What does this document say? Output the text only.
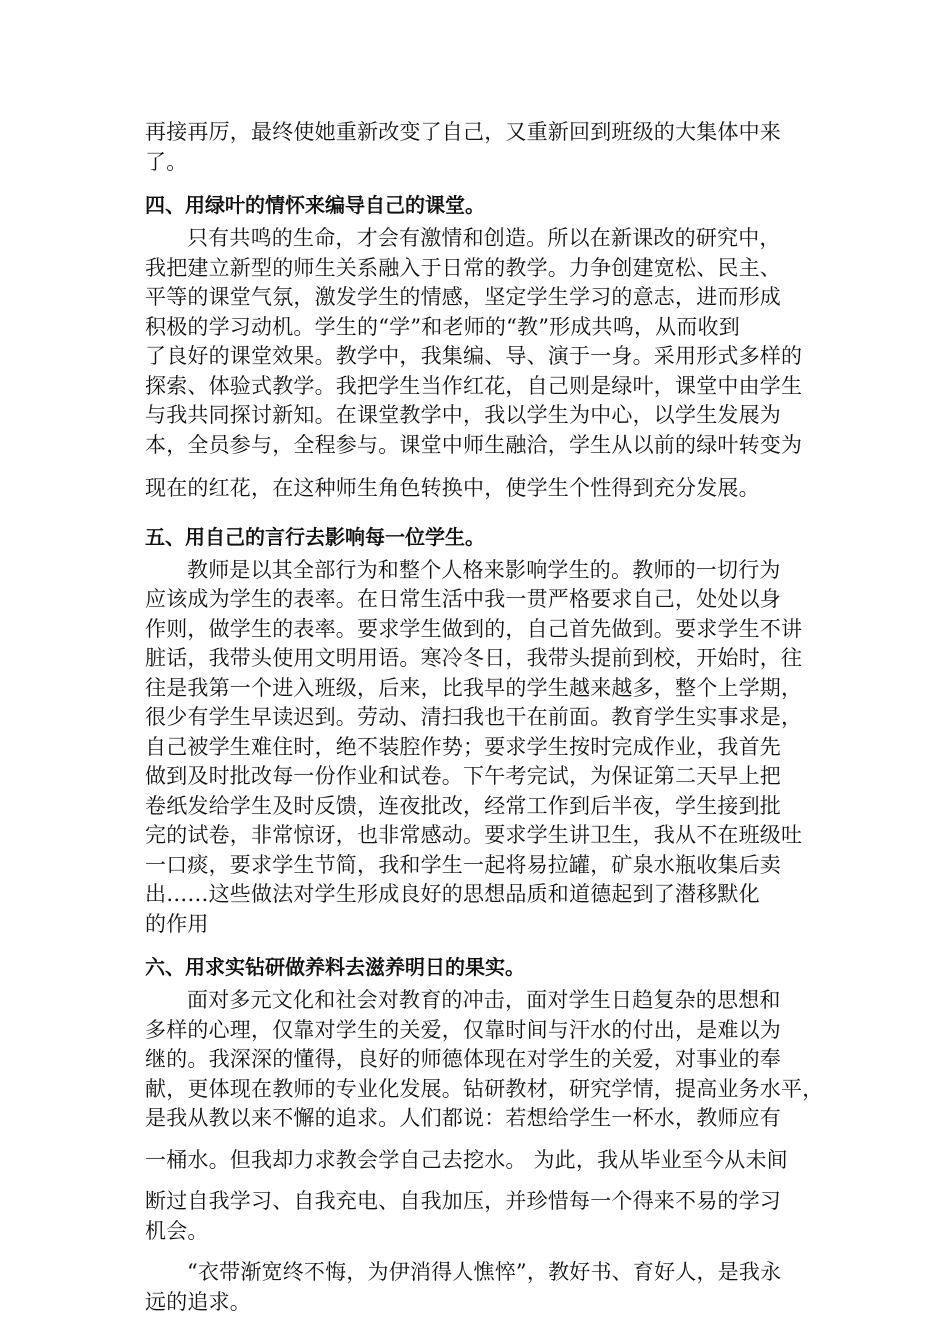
再接再厉，最终使她重新改变了自己，又重新回到班级的大集体中来
了。
四、用绿叶的情怀来编导自己的课堂。
只有共鸣的生命，才会有激情和创造。所以在新课改的研究中，
我把建立新型的师生关系融入于日常的教学。力争创建宽松、民主、
平等的课堂气氛，激发学生的情感，坚定学生学习的意志，进而形成
积极的学习动机。学生的“学”和老师的“教”形成共鸣，从而收到
了良好的课堂效果。教学中，我集编、导、演于一身。采用形式多样的
探索、体验式教学。我把学生当作红花，自己则是绿叶，课堂中由学生
与我共同探讨新知。在课堂教学中，我以学生为中心，以学生发展为
本，全员参与，全程参与。课堂中师生融洽，学生从以前的绿叶转变为
现在的红花，在这种师生角色转换中，使学生个性得到充分发展。
五、用自己的言行去影响每一位学生。
教师是以其全部行为和整个人格来影响学生的。教师的一切行为
应该成为学生的表率。在日常生活中我一贯严格要求自己，处处以身
作则，做学生的表率。要求学生做到的，自己首先做到。要求学生不讲
脏话，我带头使用文明用语。寒冷冬日，我带头提前到校，开始时，往
往是我第一个进入班级，后来，比我早的学生越来越多，整个上学期，
很少有学生早读迟到。劳动、清扫我也干在前面。教育学生实事求是，
自己被学生难住时，绝不装腔作势；要求学生按时完成作业，我首先
做到及时批改每一份作业和试卷。下午考完试，为保证第二天早上把
卷纸发给学生及时反馈，连夜批改，经常工作到后半夜，学生接到批
完的试卷，非常惊讶，也非常感动。要求学生讲卫生，我从不在班级吐
一口痰，要求学生节简，我和学生一起将易拉罐，矿泉水瓶收集后卖
出……这些做法对学生形成良好的思想品质和道德起到了潜移默化
的作用
六、用求实钻研做养料去滋养明日的果实。
面对多元文化和社会对教育的冲击，面对学生日趋复杂的思想和
多样的心理，仅靠对学生的关爱，仅靠时间与汗水的付出，是难以为
继的。我深深的懂得，良好的师德体现在对学生的关爱，对事业的奉
献，更体现在教师的专业化发展。钻研教材，研究学情，提高业务水平，
是我从教以来不懈的追求。人们都说：若想给学生一杯水，教师应有
一桶水。但我却力求教会学自己去挖水。 为此，我从毕业至今从未间
断过自我学习、自我充电、自我加压，并珍惜每一个得来不易的学习
机会。
“衣带渐宽终不悔，为伊消得人憔悴”，教好书、育好人，是我永
远的追求。
